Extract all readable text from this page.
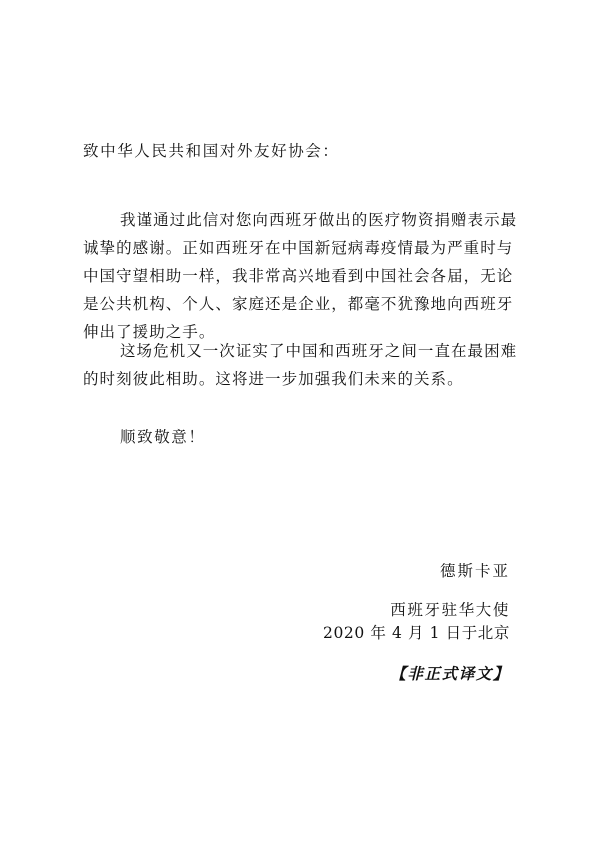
致中华人民共和国对外友好协会：
我谨通过此信对您向西班牙做出的医疗物资捐赠表示最
诚挚的感谢。正如西班牙在中国新冠病毒疫情最为严重时与
中国守望相助一样，我非常高兴地看到中国社会各届，无论
是公共机构、个人、家庭还是企业，都毫不犹豫地向西班牙
伸出了援助之手。
这场危机又一次证实了中国和西班牙之间一直在最困难
的时刻彼此相助。这将进一步加强我们未来的关系。
顺致敬意！
德斯卡亚
西班牙驻华大使
2020 年 4 月 1 日于北京
【非正式译文】
